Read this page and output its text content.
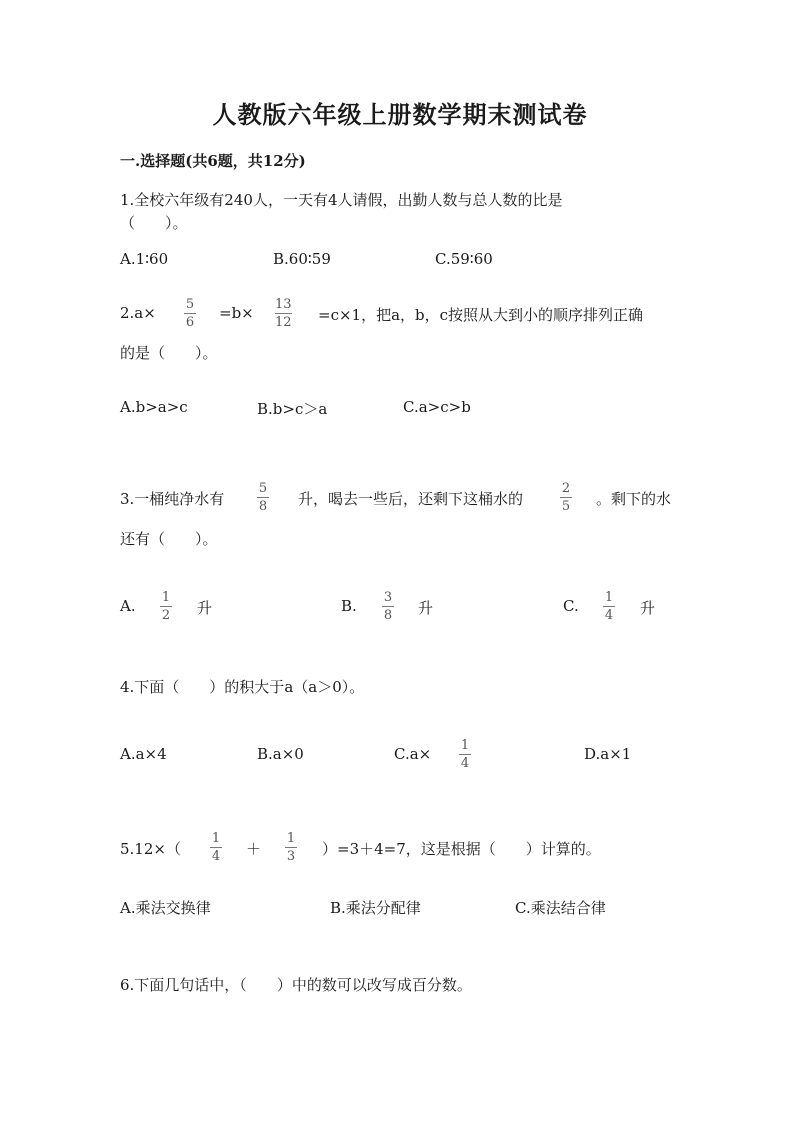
人教版六年级上册数学期末测试卷
一.选择题(共6题，共12分)
1.全校六年级有240人，一天有4人请假，出勤人数与总人数的比是
（　　）。
A.1∶60	B.60∶59	C.59∶60
2.a× 5
6
=b× 13
12 =c×1，把a，b，c按照从大到小的顺序排列正确
的是（　　）。
A.b>a>c	B.b>c＞a	C.a>c>b
3.一桶纯净水有
5
8 升，喝去一些后，还剩下这桶水的
2
5 。剩下的水
还有（　　）。
A. 1
2 升	B. 3
8 升	C. 1
4 升
4.下面（　　）的积大于a（a＞0）。
A.a×4	B.a×0	C.a× 1
4
D.a×1
5.12×（
1
4 ＋
1
3 ）=3＋4=7，这是根据（　　）计算的。
A.乘法交换律	B.乘法分配律	C.乘法结合律
6.下面几句话中，（　　）中的数可以改写成百分数。
